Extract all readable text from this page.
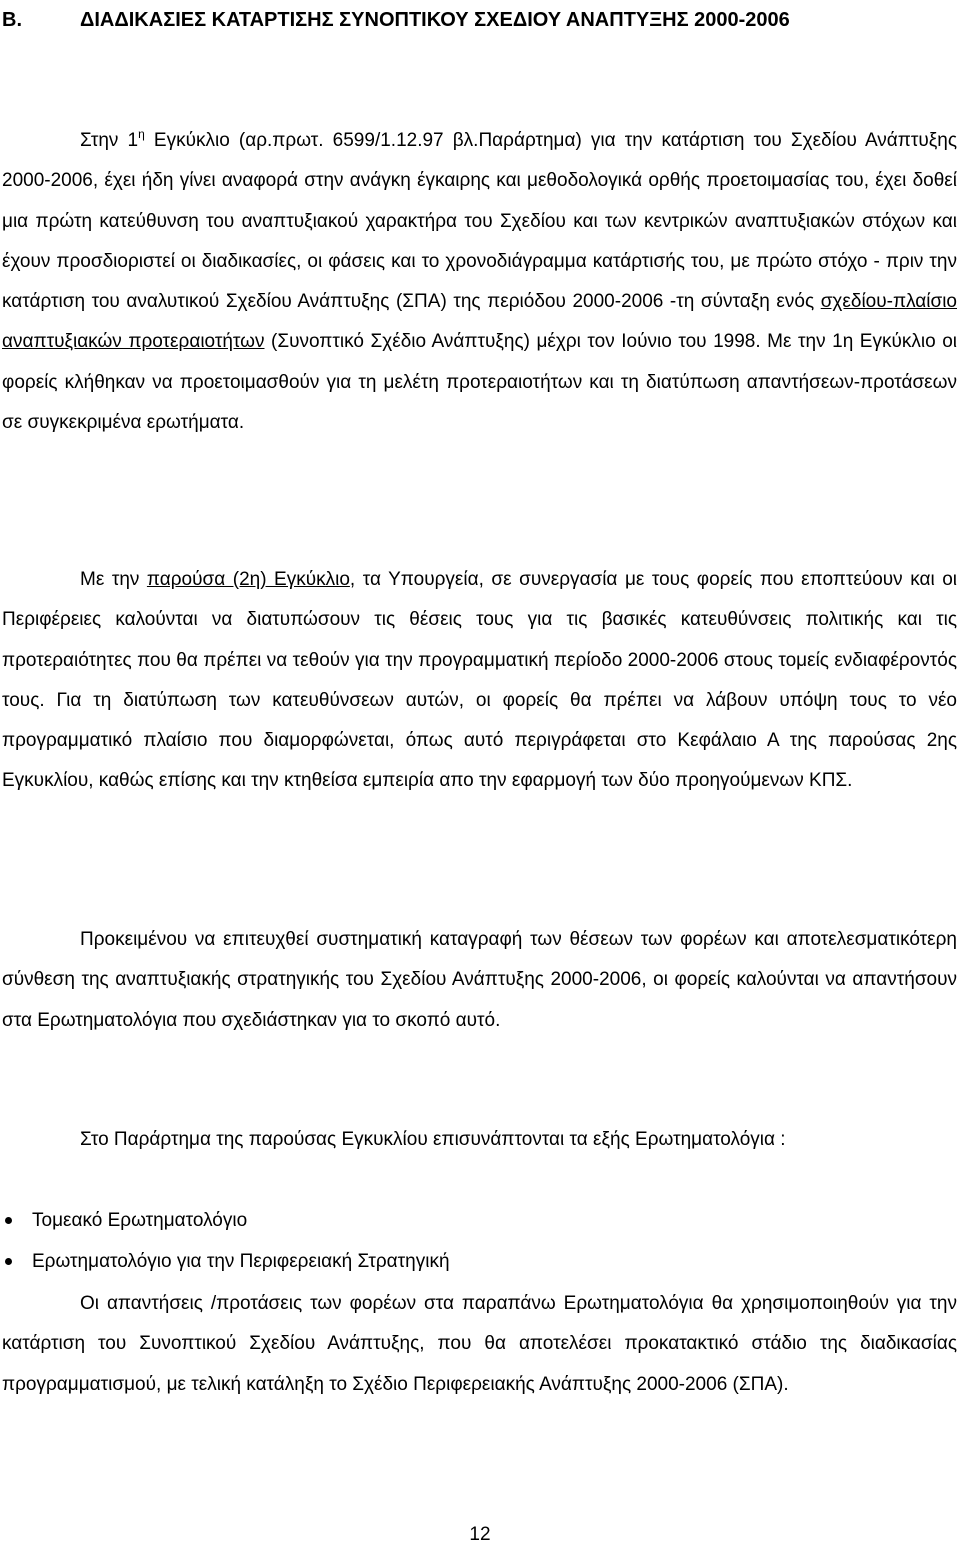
B.	ΔΙΑΔΙΚΑΣΙΕΣ ΚΑΤΑΡΤΙΣΗΣ ΣΥΝΟΠΤΙΚΟΥ ΣΧΕΔΙΟΥ ΑΝΑΠΤΥΞΗΣ 2000-2006

Στην $1^\eta$ Εγκύκλιο (αρ.πρωτ. 6599/1.12.97 βλ.Παράρτημα) για την κατάρτιση του Σχεδίου Ανάπτυξης 2000-2006, έχει ήδη γίνει αναφορά στην ανάγκη έγκαιρης και μεθοδολογικά ορθής προετοιμασίας του, έχει δοθεί μια πρώτη κατεύθυνση του αναπτυξιακού χαρακτήρα του Σχεδίου και των κεντρικών αναπτυξιακών στόχων και έχουν προσδιοριστεί οι διαδικασίες, οι φάσεις και το χρονοδιάγραμμα κατάρτισής του, με πρώτο στόχο - πριν την κατάρτιση του αναλυτικού Σχεδίου Ανάπτυξης (ΣΠΑ) της περιόδου 2000-2006 -τη σύνταξη ενός σχεδίου-πλαίσιο αναπτυξιακών προτεραιοτήτων (Συνοπτικό Σχέδιο Ανάπτυξης) μέχρι τον Ιούνιο του 1998. Με την 1η Εγκύκλιο οι φορείς κλήθηκαν να προετοιμασθούν για τη μελέτη προτεραιοτήτων και τη διατύπωση απαντήσεων-προτάσεων σε συγκεκριμένα ερωτήματα.

Με την παρούσα (2η) Εγκύκλιο, τα Υπουργεία, σε συνεργασία με τους φορείς που εποπτεύουν και οι Περιφέρειες καλούνται να διατυπώσουν τις θέσεις τους για τις βασικές κατευθύνσεις πολιτικής και τις προτεραιότητες που θα πρέπει να τεθούν για την προγραμματική περίοδο 2000-2006 στους τομείς ενδιαφέροντός τους. Για τη διατύπωση των κατευθύνσεων αυτών, οι φορείς θα πρέπει να λάβουν υπόψη τους το νέο προγραμματικό πλαίσιο που διαμορφώνεται, όπως αυτό περιγράφεται στο Κεφάλαιο Α της παρούσας 2ης Εγκυκλίου, καθώς επίσης και την κτηθείσα εμπειρία απο την εφαρμογή των δύο προηγούμενων ΚΠΣ.

Προκειμένου να επιτευχθεί συστηματική καταγραφή των θέσεων των φορέων και αποτελεσματικότερη σύνθεση της αναπτυξιακής στρατηγικής του Σχεδίου Ανάπτυξης 2000-2006, οι φορείς καλούνται να απαντήσουν στα Ερωτηματολόγια που σχεδιάστηκαν για το σκοπό αυτό.

Στο Παράρτημα της παρούσας Εγκυκλίου επισυνάπτονται τα εξής Ερωτηματολόγια :

Τομεακό Ερωτηματολόγιο
Ερωτηματολόγιο για την Περιφερειακή Στρατηγική

Οι απαντήσεις /προτάσεις των φορέων στα παραπάνω Ερωτηματολόγια θα χρησιμοποιηθούν για την κατάρτιση του Συνοπτικού Σχεδίου Ανάπτυξης, που θα αποτελέσει προκατακτικό στάδιο της διαδικασίας προγραμματισμού, με τελική κατάληξη το Σχέδιο Περιφερειακής Ανάπτυξης 2000-2006 (ΣΠΑ).

12
